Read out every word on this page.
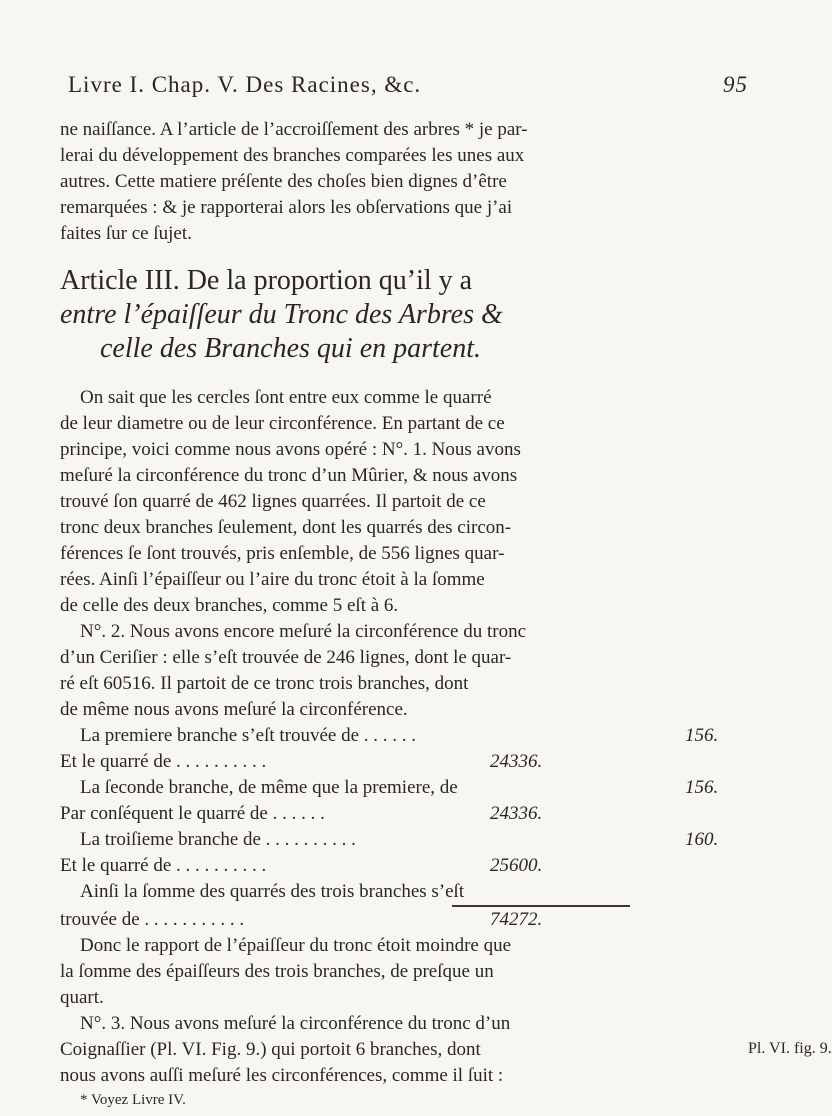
Livre I. Chap. V. Des Racines, &c.	95
ne naiſſance. A l’article de l’accroiſſement des arbres * je par-
lerai du développement des branches comparées les unes aux
autres. Cette matiere préſente des choſes bien dignes d’être
remarquées : & je rapporterai alors les obſervations que j’ai
faites ſur ce ſujet.
Article III. De la proportion qu’il y a
entre l’épaiſſeur du Tronc des Arbres &
celle des Branches qui en partent.
On sait que les cercles ſont entre eux comme le quarré
de leur diametre ou de leur circonférence. En partant de ce
principe, voici comme nous avons opéré : N°. 1. Nous avons
meſuré la circonférence du tronc d’un Mûrier, & nous avons
trouvé ſon quarré de 462 lignes quarrées. Il partoit de ce
tronc deux branches ſeulement, dont les quarrés des circon-
férences ſe ſont trouvés, pris enſemble, de 556 lignes quar-
rées. Ainſi l’épaiſſeur ou l’aire du tronc étoit à la ſomme
de celle des deux branches, comme 5 eſt à 6.
N°. 2. Nous avons encore meſuré la circonférence du tronc
d’un Ceriſier : elle s’eſt trouvée de 246 lignes, dont le quar-
ré eſt 60516. Il partoit de ce tronc trois branches, dont
de même nous avons meſuré la circonférence.
La premiere branche s’eſt trouvée de . . . . . .	156.
Et le quarré de . . . . . . . . . .	24336.
La ſeconde branche, de même que la premiere, de	156.
Par conſéquent le quarré de . . . . . .	24336.
La troiſieme branche de . . . . . . . . . .	160.
Et le quarré de . . . . . . . . . .	25600.
Ainſi la ſomme des quarrés des trois branches s’eſt
trouvée de . . . . . . . . . . .	74272.
Donc le rapport de l’épaiſſeur du tronc étoit moindre que
la ſomme des épaiſſeurs des trois branches, de preſque un
quart.
N°. 3. Nous avons meſuré la circonférence du tronc d’un
Coignaſſier (Pl. VI. Fig. 9.) qui portoit 6 branches, dont
nous avons auſſi meſuré les circonférences, comme il ſuit :
Pl. VI. fig. 9.
* Voyez Livre IV.
